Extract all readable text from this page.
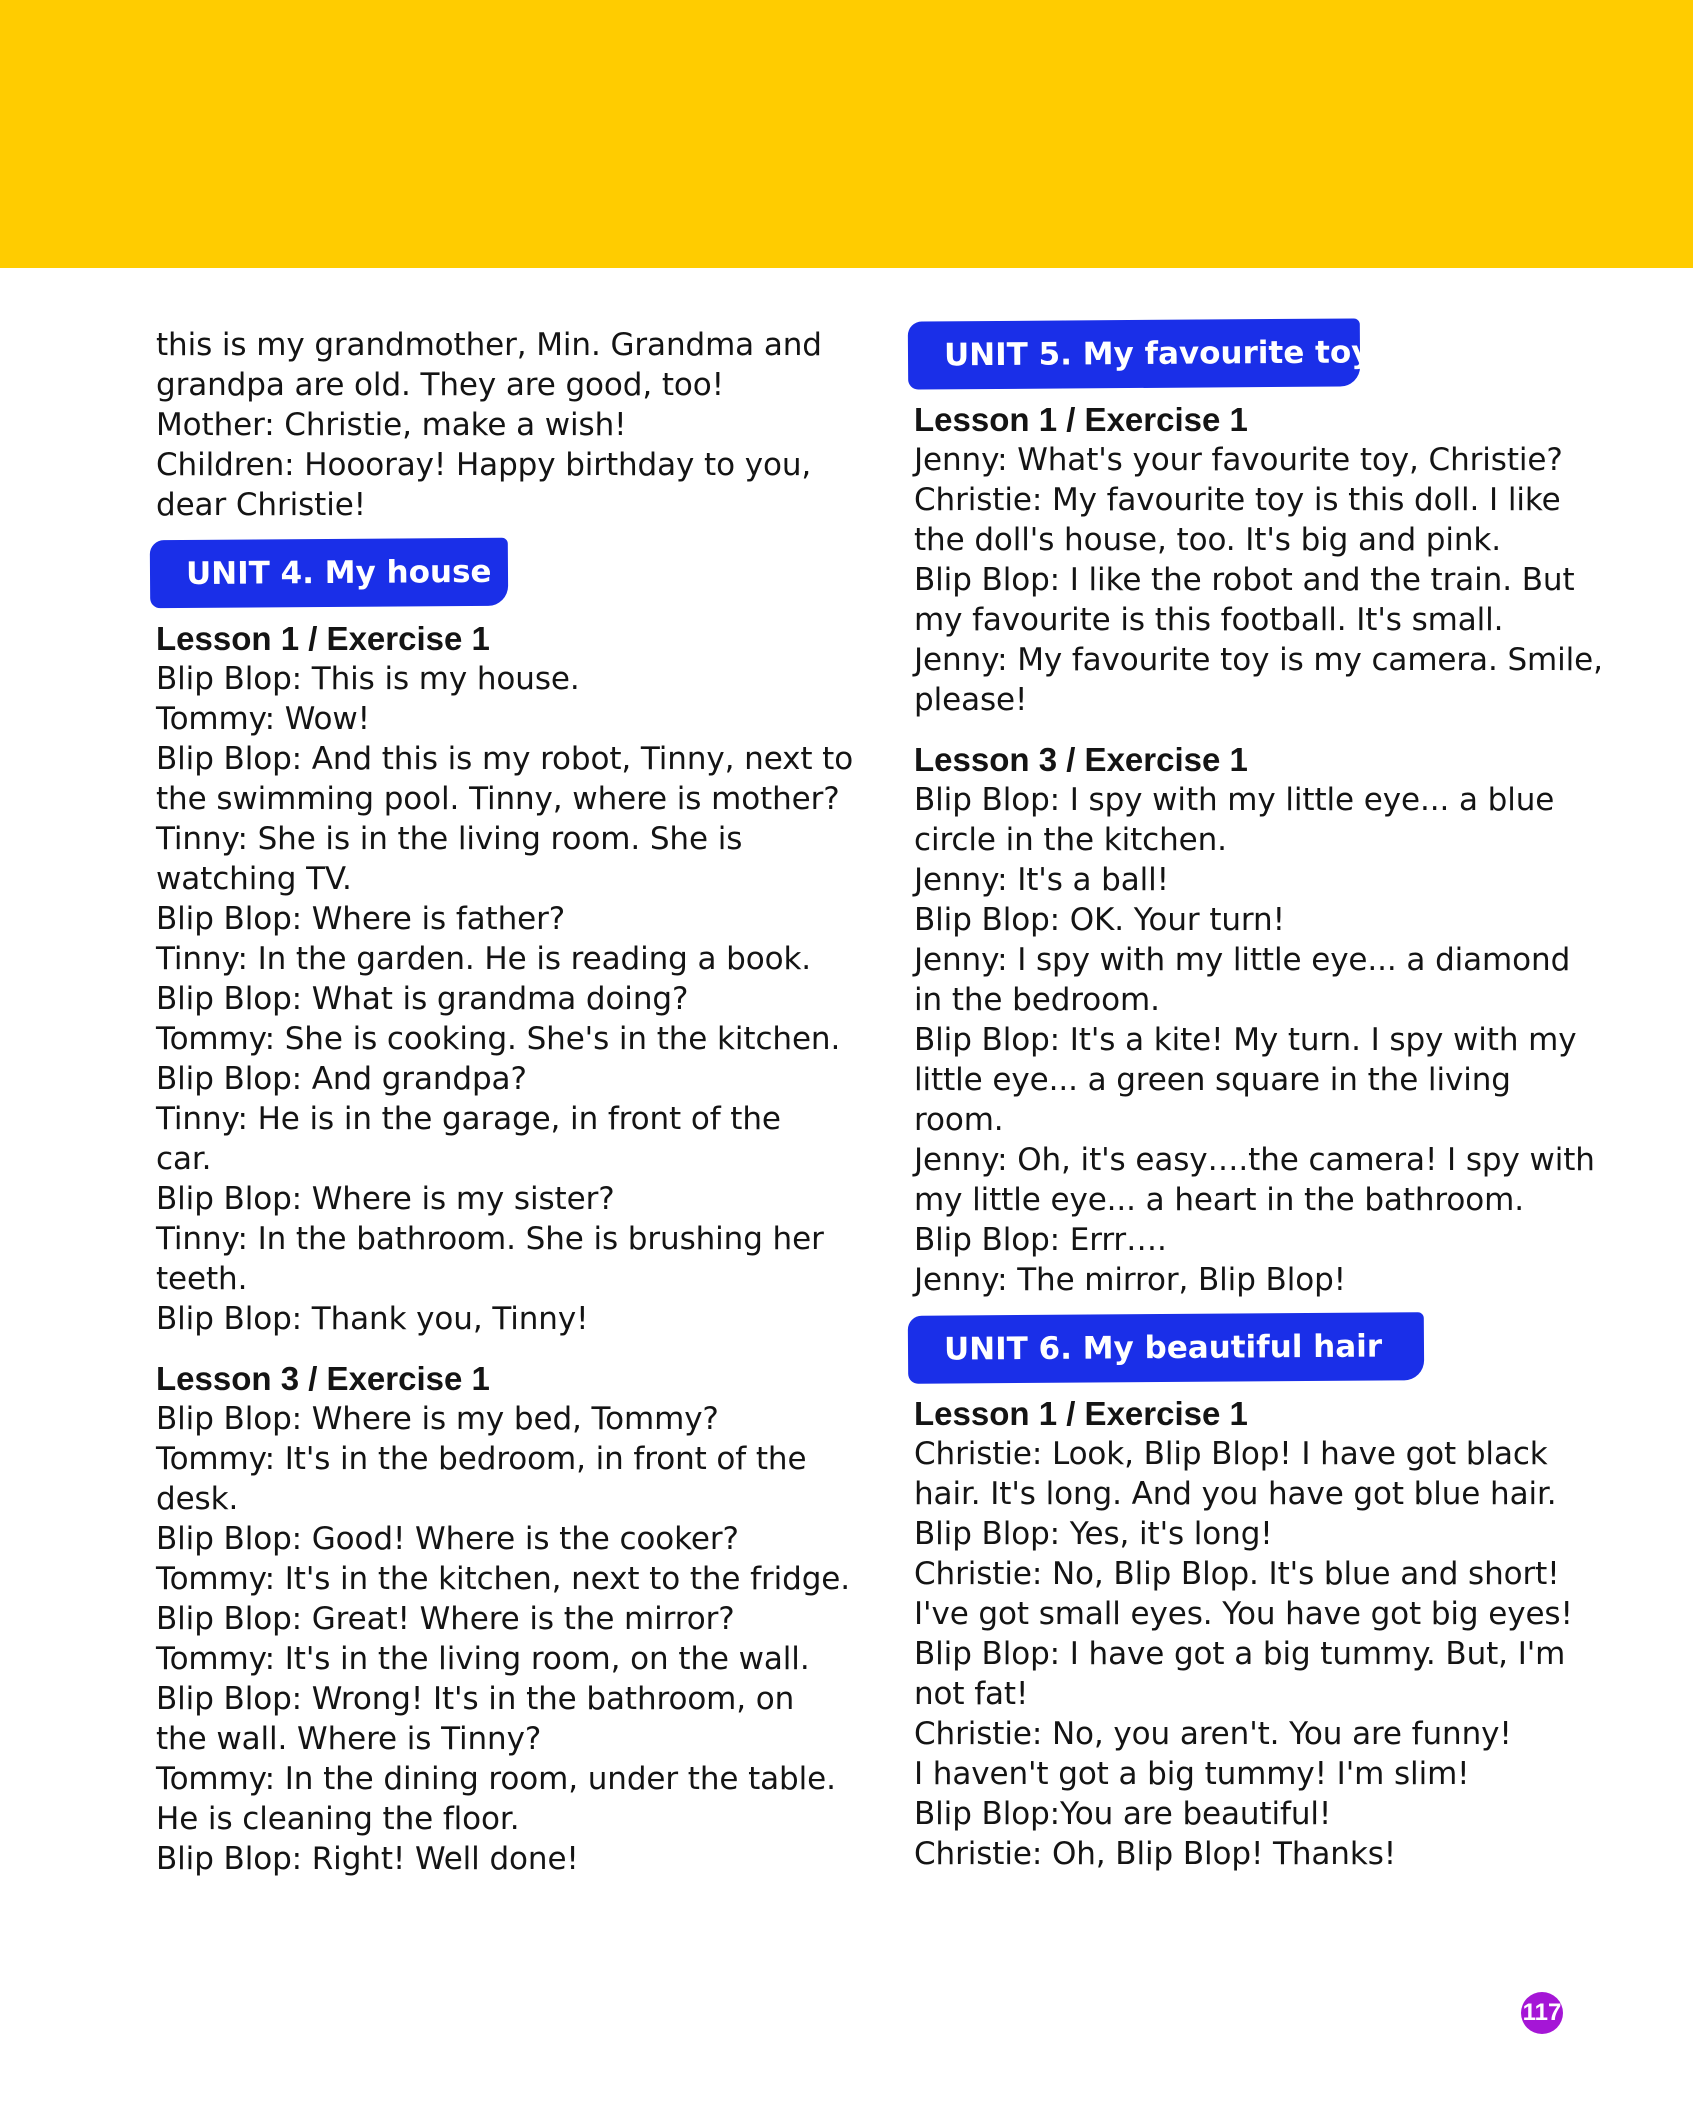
this is my grandmother, Min. Grandma and
grandpa are old. They are good, too!
Mother: Christie, make a wish!
Children: Hoooray! Happy birthday to you,
dear Christie!
UNIT 4. My house
Lesson 1 / Exercise 1
Blip Blop: This is my house.
Tommy: Wow!
Blip Blop: And this is my robot, Tinny, next to
the swimming pool. Tinny, where is mother?
Tinny: She is in the living room. She is
watching TV.
Blip Blop: Where is father?
Tinny: In the garden. He is reading a book.
Blip Blop: What is grandma doing?
Tommy: She is cooking. She's in the kitchen.
Blip Blop: And grandpa?
Tinny: He is in the garage, in front of the
car.
Blip Blop: Where is my sister?
Tinny: In the bathroom. She is brushing her
teeth.
Blip Blop: Thank you, Tinny!
Lesson 3 / Exercise 1
Blip Blop: Where is my bed, Tommy?
Tommy: It's in the bedroom, in front of the
desk.
Blip Blop: Good! Where is the cooker?
Tommy: It's in the kitchen, next to the fridge.
Blip Blop: Great! Where is the mirror?
Tommy: It's in the living room, on the wall.
Blip Blop: Wrong! It's in the bathroom, on
the wall. Where is Tinny?
Tommy: In the dining room, under the table.
He is cleaning the floor.
Blip Blop: Right! Well done!
UNIT 5. My favourite toy
Lesson 1 / Exercise 1
Jenny: What's your favourite toy, Christie?
Christie: My favourite toy is this doll. I like
the doll's house, too. It's big and pink.
Blip Blop: I like the robot and the train. But
my favourite is this football. It's small.
Jenny: My favourite toy is my camera. Smile,
please!
Lesson 3 / Exercise 1
Blip Blop: I spy with my little eye... a blue
circle in the kitchen.
Jenny: It's a ball!
Blip Blop: OK. Your turn!
Jenny: I spy with my little eye... a diamond
in the bedroom.
Blip Blop: It's a kite! My turn. I spy with my
little eye... a green square in the living
room.
Jenny: Oh, it's easy….the camera! I spy with
my little eye... a heart in the bathroom.
Blip Blop: Errr….
Jenny: The mirror, Blip Blop!
UNIT 6. My beautiful hair
Lesson 1 / Exercise 1
Christie: Look, Blip Blop! I have got black
hair. It's long. And you have got blue hair.
Blip Blop: Yes, it's long!
Christie: No, Blip Blop. It's blue and short!
I've got small eyes. You have got big eyes!
Blip Blop: I have got a big tummy. But, I'm
not fat!
Christie: No, you aren't. You are funny!
I haven't got a big tummy! I'm slim!
Blip Blop:You are beautiful!
Christie: Oh, Blip Blop! Thanks!
117
